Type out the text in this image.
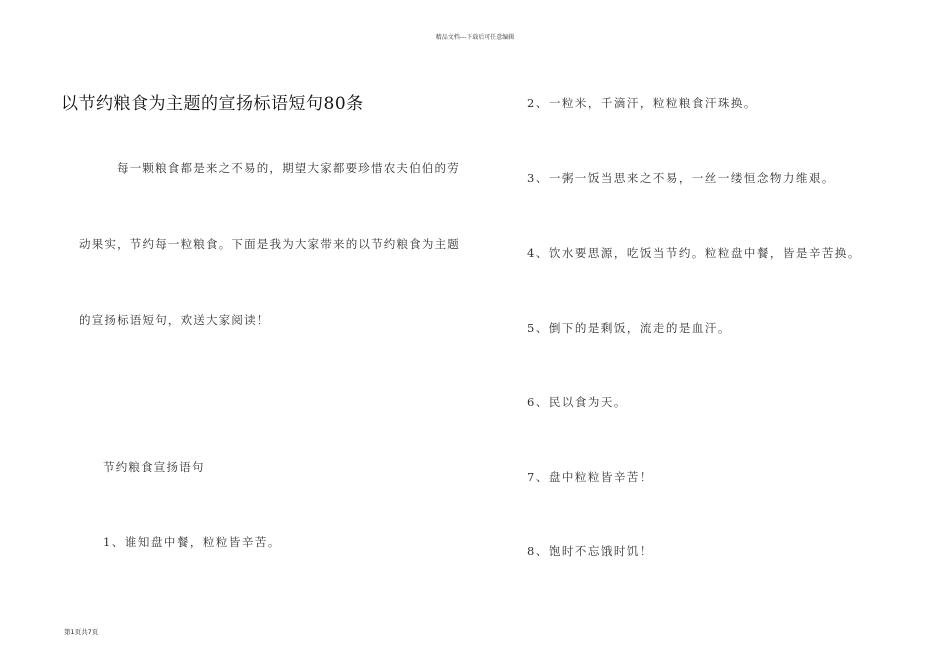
精品文档---下载后可任意编辑
以节约粮食为主题的宣扬标语短句80条
每一颗粮食都是来之不易的，期望大家都要珍惜农夫伯伯的劳
动果实，节约每一粒粮食。下面是我为大家带来的以节约粮食为主题
的宣扬标语短句，欢送大家阅读！
节约粮食宣扬语句
1、谁知盘中餐，粒粒皆辛苦。
2、一粒米，千滴汗，粒粒粮食汗珠换。
3、一粥一饭当思来之不易，一丝一缕恒念物力维艰。
4、饮水要思源，吃饭当节约。粒粒盘中餐，皆是辛苦换。
5、倒下的是剩饭，流走的是血汗。
6、民以食为天。
7、盘中粒粒皆辛苦！
8、饱时不忘饿时饥！
第1页共7页
